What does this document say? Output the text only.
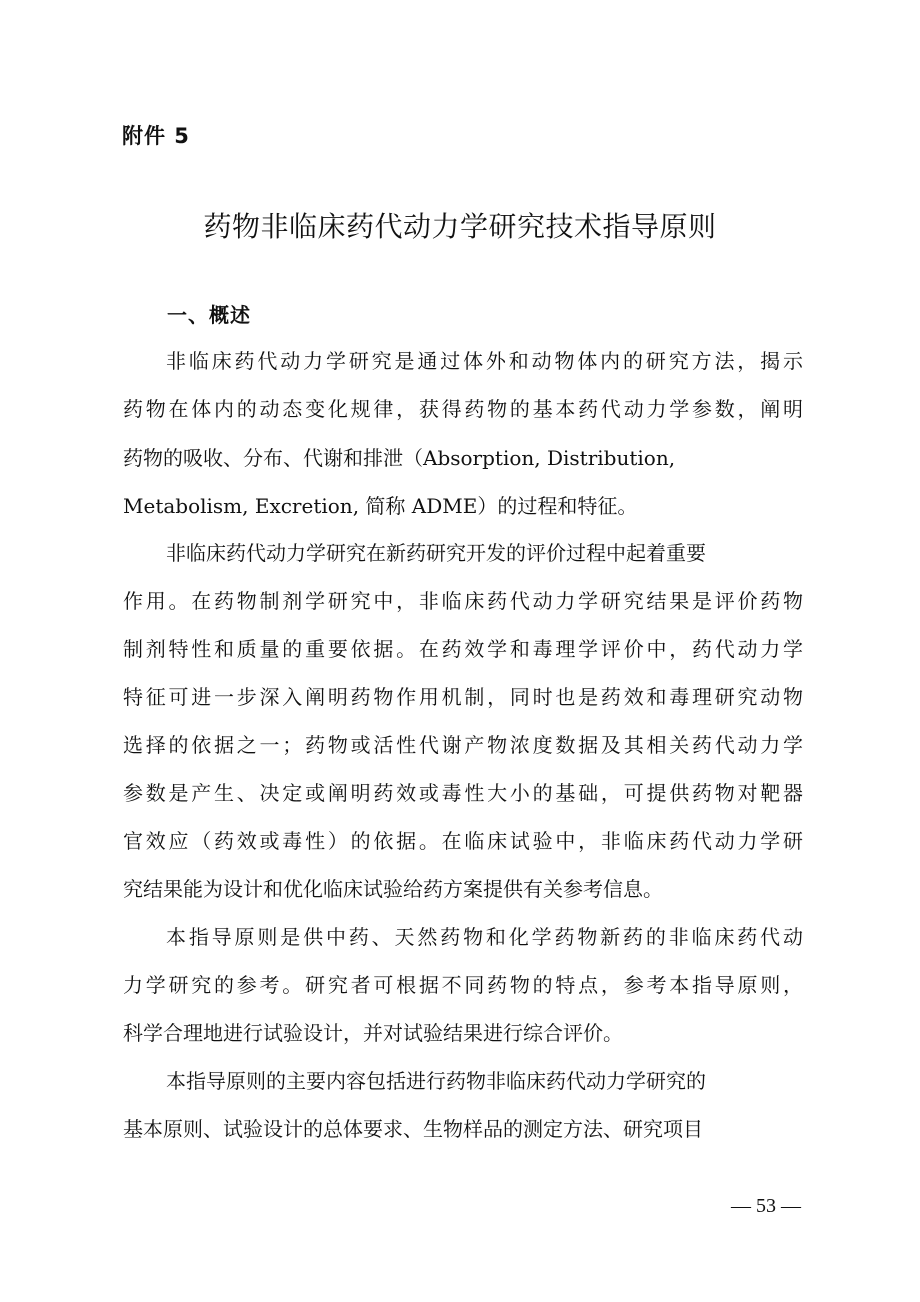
附件 5
药物非临床药代动力学研究技术指导原则
一、概述
非临床药代动力学研究是通过体外和动物体内的研究方法，揭示
药物在体内的动态变化规律，获得药物的基本药代动力学参数，阐明
药物的吸收、分布、代谢和排泄（Absorption, Distribution,
Metabolism, Excretion, 简称 ADME）的过程和特征。
非临床药代动力学研究在新药研究开发的评价过程中起着重要
作用。在药物制剂学研究中，非临床药代动力学研究结果是评价药物
制剂特性和质量的重要依据。在药效学和毒理学评价中，药代动力学
特征可进一步深入阐明药物作用机制，同时也是药效和毒理研究动物
选择的依据之一；药物或活性代谢产物浓度数据及其相关药代动力学
参数是产生、决定或阐明药效或毒性大小的基础，可提供药物对靶器
官效应（药效或毒性）的依据。在临床试验中，非临床药代动力学研
究结果能为设计和优化临床试验给药方案提供有关参考信息。
本指导原则是供中药、天然药物和化学药物新药的非临床药代动
力学研究的参考。研究者可根据不同药物的特点，参考本指导原则，
科学合理地进行试验设计，并对试验结果进行综合评价。
本指导原则的主要内容包括进行药物非临床药代动力学研究的
基本原则、试验设计的总体要求、生物样品的测定方法、研究项目
— 53 —
